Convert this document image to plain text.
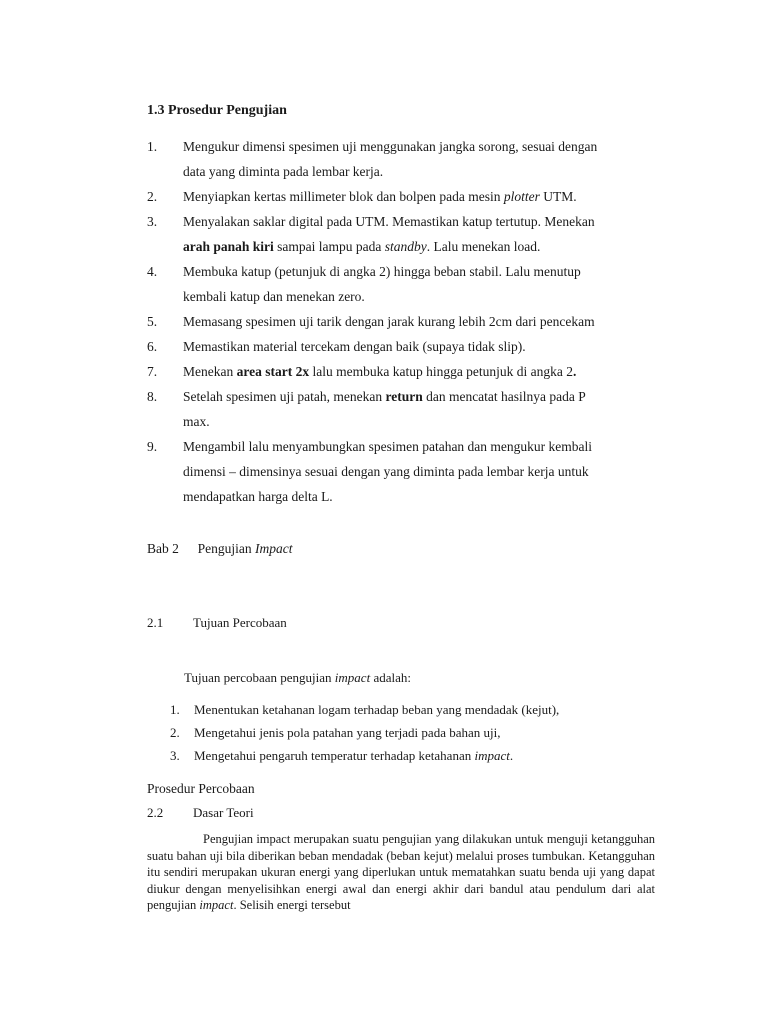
1.3 Prosedur Pengujian
1. Mengukur dimensi spesimen uji menggunakan jangka sorong, sesuai dengan
data yang diminta pada lembar kerja.
2. Menyiapkan kertas millimeter blok dan bolpen pada mesin plotter UTM.
3. Menyalakan saklar digital pada UTM. Memastikan katup tertutup. Menekan
arah panah kiri sampai lampu pada standby. Lalu menekan load.
4. Membuka katup (petunjuk di angka 2) hingga beban stabil. Lalu menutup
kembali katup dan menekan zero.
5. Memasang spesimen uji tarik dengan jarak kurang lebih 2cm dari pencekam
6. Memastikan material tercekam dengan baik (supaya tidak slip).
7. Menekan area start 2x lalu membuka katup hingga petunjuk di angka 2.
8. Setelah spesimen uji patah, menekan return dan mencatat hasilnya pada P
max.
9. Mengambil lalu menyambungkan spesimen patahan dan mengukur kembali
dimensi – dimensinya sesuai dengan yang diminta pada lembar kerja untuk
mendapatkan harga delta L.
Bab 2 Pengujian Impact
2.1 Tujuan Percobaan
Tujuan percobaan pengujian impact adalah:
1. Menentukan ketahanan logam terhadap beban yang mendadak (kejut),
2. Mengetahui jenis pola patahan yang terjadi pada bahan uji,
3. Mengetahui pengaruh temperatur terhadap ketahanan impact.
Prosedur Percobaan
2.2 Dasar Teori
Pengujian impact merupakan suatu pengujian yang dilakukan untuk menguji ketangguhan suatu bahan uji bila diberikan beban mendadak (beban kejut) melalui proses tumbukan. Ketangguhan itu sendiri merupakan ukuran energi yang diperlukan untuk mematahkan suatu benda uji yang dapat diukur dengan menyelisihkan energi awal dan energi akhir dari bandul atau pendulum dari alat pengujian impact. Selisih energi tersebut
